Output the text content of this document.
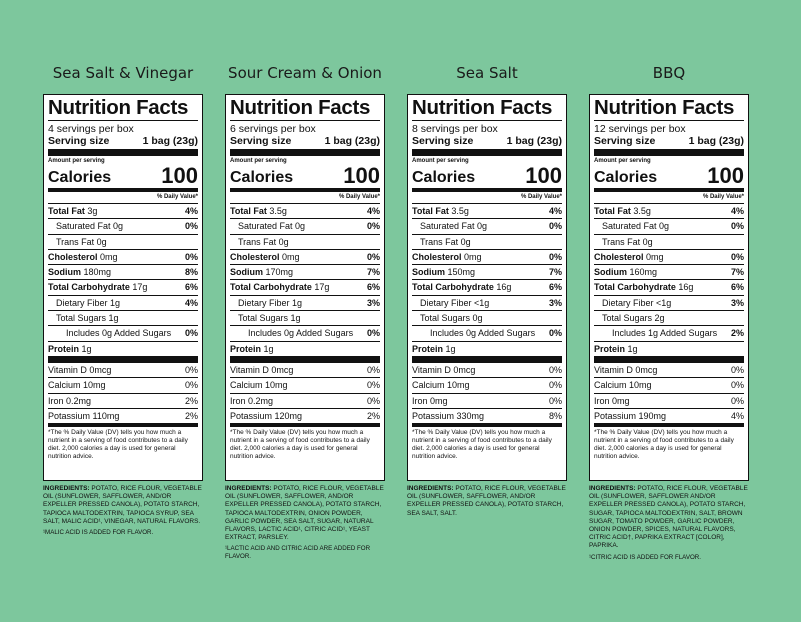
Sea Salt & Vinegar
Nutrition Facts
4 servings per box
Serving size	1 bag (23g)
Amount per serving
Calories 100
% Daily Value*
Total Fat 3g	4%
Saturated Fat 0g	0%
Trans Fat 0g
Cholesterol 0mg	0%
Sodium 180mg	8%
Total Carbohydrate 17g	6%
Dietary Fiber 1g	4%
Total Sugars 1g
Includes 0g Added Sugars 0%
Protein 1g
Vitamin D 0mcg	0%
Calcium 10mg	0%
Iron 0.2mg	2%
Potassium 110mg	2%
*The % Daily Value (DV) tells you how much a nutrient in a serving of food contributes to a daily diet. 2,000 calories a day is used for general nutrition advice.
INGREDIENTS: POTATO, RICE FLOUR, VEGETABLE OIL (SUNFLOWER, SAFFLOWER, AND/OR EXPELLER PRESSED CANOLA), POTATO STARCH, TAPIOCA MALTODEXTRIN, TAPIOCA SYRUP, SEA SALT, MALIC ACID¹, VINEGAR, NATURAL FLAVORS.
¹MALIC ACID IS ADDED FOR FLAVOR.
Sour Cream & Onion
Nutrition Facts
6 servings per box
Serving size	1 bag (23g)
Amount per serving
Calories 100
% Daily Value*
Total Fat 3.5g	4%
Saturated Fat 0g	0%
Trans Fat 0g
Cholesterol 0mg	0%
Sodium 170mg	7%
Total Carbohydrate 17g	6%
Dietary Fiber 1g	3%
Total Sugars 1g
Includes 0g Added Sugars 0%
Protein 1g
Vitamin D 0mcg	0%
Calcium 10mg	0%
Iron 0.2mg	0%
Potassium 120mg	2%
*The % Daily Value (DV) tells you how much a nutrient in a serving of food contributes to a daily diet. 2,000 calories a day is used for general nutrition advice.
INGREDIENTS: POTATO, RICE FLOUR, VEGETABLE OIL (SUNFLOWER, SAFFLOWER, AND/OR EXPELLER PRESSED CANOLA), POTATO STARCH, TAPIOCA MALTODEXTRIN, ONION POWDER, GARLIC POWDER, SEA SALT, SUGAR, NATURAL FLAVORS, LACTIC ACID¹, CITRIC ACID¹, YEAST EXTRACT, PARSLEY.
¹LACTIC ACID AND CITRIC ACID ARE ADDED FOR FLAVOR.
Sea Salt
Nutrition Facts
8 servings per box
Serving size	1 bag (23g)
Amount per serving
Calories 100
% Daily Value*
Total Fat 3.5g	4%
Saturated Fat 0g	0%
Trans Fat 0g
Cholesterol 0mg	0%
Sodium 150mg	7%
Total Carbohydrate 16g	6%
Dietary Fiber <1g	3%
Total Sugars 0g
Includes 0g Added Sugars 0%
Protein 1g
Vitamin D 0mcg	0%
Calcium 10mg	0%
Iron 0mg	0%
Potassium 330mg	8%
*The % Daily Value (DV) tells you how much a nutrient in a serving of food contributes to a daily diet. 2,000 calories a day is used for general nutrition advice.
INGREDIENTS: POTATO, RICE FLOUR, VEGETABLE OIL (SUNFLOWER, SAFFLOWER, AND/OR EXPELLER PRESSED CANOLA), POTATO STARCH, SEA SALT, SALT.
BBQ
Nutrition Facts
12 servings per box
Serving size	1 bag (23g)
Amount per serving
Calories 100
% Daily Value*
Total Fat 3.5g	4%
Saturated Fat 0g	0%
Trans Fat 0g
Cholesterol 0mg	0%
Sodium 160mg	7%
Total Carbohydrate 16g	6%
Dietary Fiber <1g	3%
Total Sugars 2g
Includes 1g Added Sugars 2%
Protein 1g
Vitamin D 0mcg	0%
Calcium 10mg	0%
Iron 0mg	0%
Potassium 190mg	4%
*The % Daily Value (DV) tells you how much a nutrient in a serving of food contributes to a daily diet. 2,000 calories a day is used for general nutrition advice.
INGREDIENTS: POTATO, RICE FLOUR, VEGETABLE OIL (SUNFLOWER, SAFFLOWER AND/OR EXPELLER PRESSED CANOLA), POTATO STARCH, SUGAR, TAPIOCA MALTODEXTRIN, SALT, BROWN SUGAR, TOMATO POWDER, GARLIC POWDER, ONION POWDER, SPICES, NATURAL FLAVORS, CITRIC ACID†, PAPRIKA EXTRACT [COLOR], PAPRIKA.
¹CITRIC ACID IS ADDED FOR FLAVOR.
